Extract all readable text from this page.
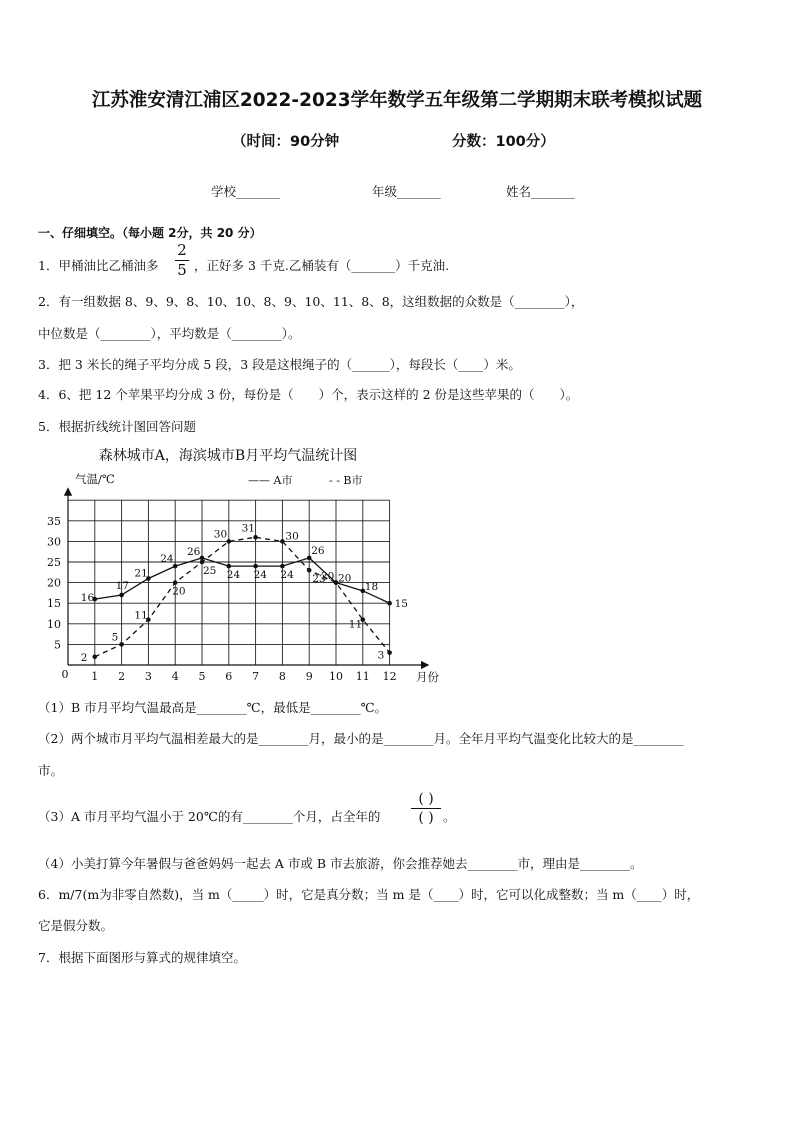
江苏淮安清江浦区2022-2023学年数学五年级第二学期期末联考模拟试题
（时间：90分钟	分数：100分）
学校_______	年级_______	姓名_______
一、仔细填空。（每小题 2分，共 20 分）
1．甲桶油比乙桶油多
2
5 ，正好多 3 千克.乙桶装有（_______）千克油.
2．有一组数据 8、9、9、8、10、10、8、9、10、11、8、8，这组数据的众数是（________），
中位数是（________），平均数是（________）。
3．把 3 米长的绳子平均分成 5 段，3 段是这根绳子的（______），每段长（____）米。
4．6、把 12 个苹果平均分成 3 份，每份是（　　）个，表示这样的 2 份是这些苹果的（　　）。
5．根据折线统计图回答问题
森林城市A，海滨城市B月平均气温统计图
气温/℃	—— A市	- - B市
月份
0 1 2 3 4 5 6 7 8 9 10 11 12
5
10
15
20
25
30
35
16
17
21
24
26
24 24 24
26
20
18
15
2
5
11
20
25
30
31
30
23
20
11
3
（1）B 市月平均气温最高是________℃，最低是________℃。
（2）两个城市月平均气温相差最大的是________月，最小的是________月。全年月平均气温变化比较大的是________
市。
（3）A 市月平均气温小于 20℃的有________个月，占全年的
( )
( ) 。
（4）小美打算今年暑假与爸爸妈妈一起去 A 市或 B 市去旅游，你会推荐她去________市，理由是________。
6．m/7(m为非零自然数)，当 m（_____）时，它是真分数；当 m 是（____）时，它可以化成整数；当 m（____）时，
它是假分数。
7．根据下面图形与算式的规律填空。
